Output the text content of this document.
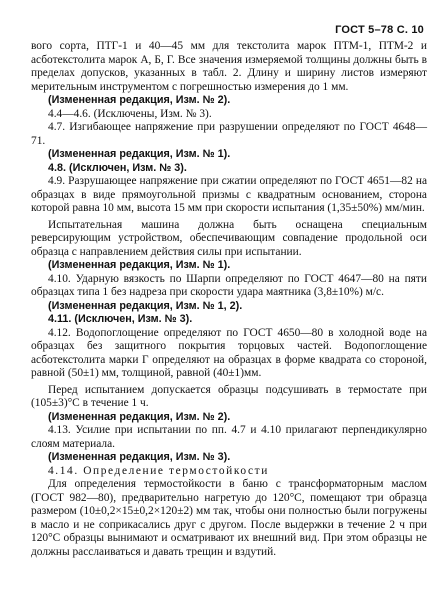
ГОСТ 5–78 С. 10

вого сорта, ПТГ-1 и 40—45 мм для текстолита марок ПТМ-1, ПТМ-2 и асботекстолита марок А, Б, Г. Все значения измеряемой толщины должны быть в пределах допусков, указанных в табл. 2. Длину и ширину листов измеряют мерительным инструментом с погрешностью измерения до 1 мм.

(Измененная редакция, Изм. № 2).

4.4—4.6. (Исключены, Изм. № 3).

4.7. Изгибающее напряжение при разрушении определяют по ГОСТ 4648—71.

(Измененная редакция, Изм. № 1).

4.8. (Исключен, Изм. № 3).

4.9. Разрушающее напряжение при сжатии определяют по ГОСТ 4651—82 на образцах в виде прямоугольной призмы с квадратным основанием, сторона которой равна 10 мм, высота 15 мм при скорости испытания (1,35±50%) мм/мин.

Испытательная машина должна быть оснащена специальным реверсирующим устройством, обеспечивающим совпадение продольной оси образца с направлением действия силы при испытании.

(Измененная редакция, Изм. № 1).

4.10. Ударную вязкость по Шарпи определяют по ГОСТ 4647—80 на пяти образцах типа 1 без надреза при скорости удара маятника (3,8±10%) м/с.

(Измененная редакция, Изм. № 1, 2).

4.11. (Исключен, Изм. № 3).

4.12. Водопоглощение определяют по ГОСТ 4650—80 в холодной воде на образцах без защитного покрытия торцовых частей. Водопоглощение асботекстолита марки Г определяют на образцах в форме квадрата со стороной, равной (50±1) мм, толщиной, равной (40±1)мм.

Перед испытанием допускается образцы подсушивать в термостате при (105±3)°С в течение 1 ч.

(Измененная редакция, Изм. № 2).

4.13. Усилие при испытании по пп. 4.7 и 4.10 прилагают перпендикулярно слоям материала.

(Измененная редакция, Изм. № 3).

4.14. Определение термостойкости

Для определения термостойкости в баню с трансформаторным маслом (ГОСТ 982—80), предварительно нагретую до 120°С, помещают три образца размером (10±0,2×15±0,2×120±2) мм так, чтобы они полностью были погружены в масло и не соприкасались друг с другом. После выдержки в течение 2 ч при 120°С образцы вынимают и осматривают их внешний вид. При этом образцы не должны расслаиваться и давать трещин и вздутий.
